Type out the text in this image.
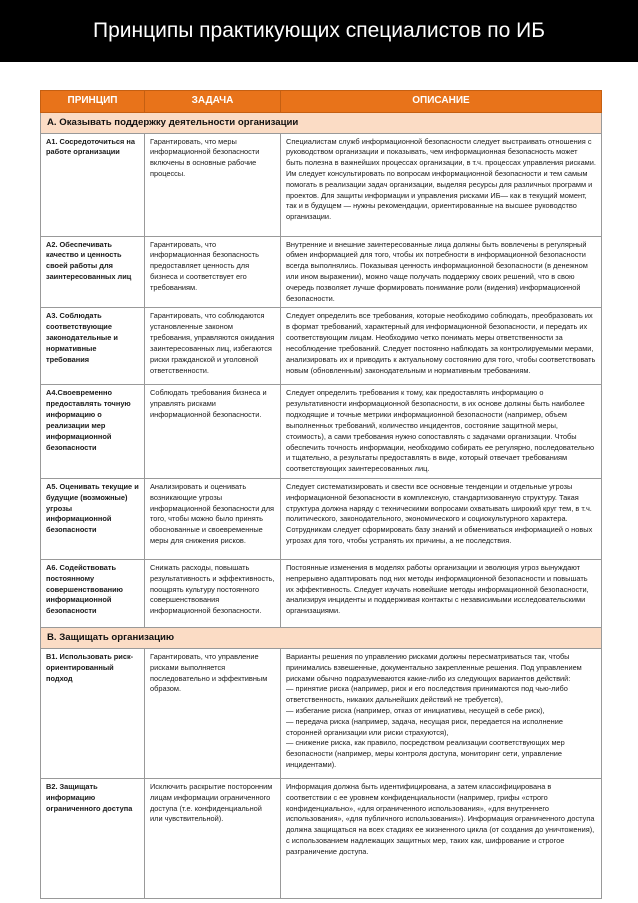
Принципы практикующих специалистов по ИБ
ПРИНЦИП	ЗАДАЧА	ОПИСАНИЕ
А. Оказывать поддержку деятельности организации		
А1. Сосредоточиться на работе организации	Гарантировать, что меры информационной безопасности включены в основные рабочие процессы.	Специалистам служб информационной безопасности следует выстраивать отношения с руководством организации и показывать, чем информационная безопасность может быть полезна в важнейших процессах организации, в т.ч. процессах управления рисками. Им следует консультировать по вопросам информационной безопасности и тем самым помогать в реализации задач организации, выделяя ресурсы для различных программ и проектов. Для защиты информации и управления рисками ИБ— как в текущий момент, так и в будущем — нужны рекомендации, ориентированные на высшее руководство организации.
А2. Обеспечивать качество и ценность своей работы для заинтересованных лиц	Гарантировать, что информационная безопасность предоставляет ценность для бизнеса и соответствует его требованиям.	Внутренние и внешние заинтересованные лица должны быть вовлечены в регулярный обмен информацией для того, чтобы их потребности в информационной безопасности всегда выполнялись. Показывая ценность информационной безопасности (в денежном или ином выражении), можно чаще получать поддержку своих решений, что в свою очередь позволяет лучше формировать понимание роли (видения) информационной безопасности.
А3. Соблюдать соответствующие законодательные и нормативные требования	Гарантировать, что соблюдаются установленные законом требования, управляются ожидания заинтересованных лиц, избегаются риски гражданской и уголовной ответственности.	Следует определить все требования, которые необходимо соблюдать, преобразовать их в формат требований, характерный для информационной безопасности, и передать их соответствующим лицам. Необходимо четко понимать меры ответственности за несоблюдение требований. Следует постоянно наблюдать за контролируемыми мерами, анализировать их и приводить к актуальному состоянию для того, чтобы соответствовать новым (обновленным) законодательным и нормативным требованиям.
А4.Своевременно предоставлять точную информацию о реализации мер информационной безопасности	Соблюдать требования бизнеса и управлять рисками информационной безопасности.	Следует определить требования к тому, как предоставлять информацию о результативности информационной безопасности, в их основе должны быть наиболее подходящие и точные метрики информационной безопасности (например, объем выполненных требований, количество инцидентов, состояние защитной меры, стоимость), а сами требования нужно сопоставлять с задачами организации. Чтобы обеспечить точность информации, необходимо собирать ее регулярно, последовательно и тщательно, а результаты предоставлять в виде, который отвечает требованиям соответствующих заинтересованных лиц.
А5. Оценивать текущие и будущие (возможные) угрозы информационной безопасности	Анализировать и оценивать возникающие угрозы информационной безопасности для того, чтобы можно было принять обоснованные и своевременные меры для снижения рисков.	Следует систематизировать и свести все основные тенденции и отдельные угрозы информационной безопасности в комплексную, стандартизованную структуру. Такая структура должна наряду с техническими вопросами охватывать широкий круг тем, в т.ч. политического, законодательного, экономического и социокультурного характера. Сотрудникам следует сформировать базу знаний и обмениваться информацией о новых угрозах для того, чтобы устранять их причины, а не последствия.
А6. Содействовать постоянному совершенствованию информационной безопасности	Снижать расходы, повышать результативность и эффективность, поощрять культуру постоянного совершенствования информационной безопасности.	Постоянные изменения в моделях работы организации и эволюция угроз вынуждают непрерывно адаптировать под них методы информационной безопасности и повышать их эффективность. Следует изучать новейшие методы информационной безопасности, анализируя инциденты и поддерживая контакты с независимыми исследовательскими организациями.
B. Защищать организацию		
B1. Использовать риск-ориентированный подход	Гарантировать, что управление рисками выполняется последовательно и эффективным образом.	Варианты решения по управлению рисками должны пересматриваться так, чтобы принимались взвешенные, документально закрепленные решения. Под управлением рисками обычно подразумеваются какие-либо из следующих вариантов действий:
— принятие риска (например, риск и его последствия принимаются под чью-либо ответственность, никаких дальнейших действий не требуется),
— избегание риска (например, отказ от инициативы, несущей в себе риск),
— передача риска (например, задача, несущая риск, передается на исполнение сторонней организации или риски страхуются),
— снижение риска, как правило, посредством реализации соответствующих мер безопасности (например, меры контроля доступа, мониторинг сети, управление инцидентами).
B2. Защищать информацию ограниченного доступа	Исключить раскрытие посторонним лицам информации ограниченного доступа (т.е. конфиденциальной или чувствительной).	Информация должна быть идентифицирована, а затем классифицирована в соответствии с ее уровнем конфиденциальности (например, грифы «строго конфиденциально», «для ограниченного использования», «для внутреннего использования», «для публичного использования»). Информация ограниченного доступа должна защищаться на всех стадиях ее жизненного цикла (от создания до уничтожения), с использованием надлежащих защитных мер, таких как, шифрование и строгое разграничение доступа.
